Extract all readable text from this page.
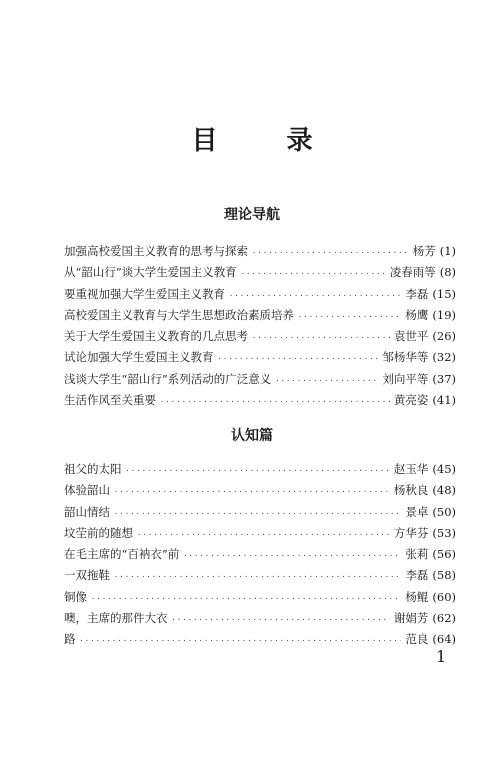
目 录
理论导航
加强高校爱国主义教育的思考与探索 ·····	杨芳 (1)
从“韶山行”谈大学生爱国主义教育 ·····	凌春雨等 (8)
要重视加强大学生爱国主义教育 ·····	李磊 (15)
高校爱国主义教育与大学生思想政治素质培养 ·····	杨鹰 (19)
关于大学生爱国主义教育的几点思考 ·····	袁世平 (26)
试论加强大学生爱国主义教育 ·····	邹杨华等 (32)
浅谈大学生“韶山行”系列活动的广泛意义 ·····	刘向平等 (37)
生活作风至关重要 ·····	黄亮姿 (41)
认知篇
祖父的太阳 ·····	赵玉华 (45)
体验韶山 ·····	杨秋良 (48)
韶山情结 ·····	景卓 (50)
坟茔前的随想 ·····	方华芬 (53)
在毛主席的“百衲衣”前 ·····	张莉 (56)
一双拖鞋 ·····	李磊 (58)
铜像 ·····	杨鲲 (60)
噢，主席的那件大衣 ·····	谢娟芳 (62)
路 ·····	范良 (64)
1
